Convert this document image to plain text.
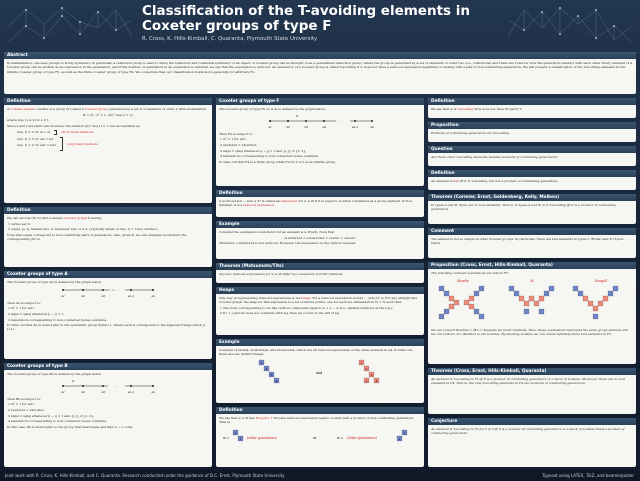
Classification of the T-avoiding elements in Coxeter groups of type F
R. Cross, K. Hills-Kimball, C. Quaranta, Plymouth State University
Abstract

In mathematics, one uses groups to study symmetry. In particular, a reflection group is used to study the reflection and rotational symmetry of an object. A Coxeter group can be thought of as a generalized reflection group, where the group is generated by a set of elements of order two (i.e., reflections) and there are rules for how the generators interact with each other. Every element of a Coxeter group can be written as an expression in the generators, and if the number of generators in an expression is minimal, we say that the expression is reduced. An element w of a Coxeter group is called T-avoiding if w does not have a reduced expression beginning or ending with a pair of non-commuting generators. We will present a classification of the T-avoiding elements in the infinite Coxeter group of type F5, as well as the finite Coxeter group of type F4. We conjecture that our classification holds more generally for arbitrary Fn.

Definition

A Coxeter system consists of a group W (called a Coxeter group) generated by a set S of elements of order 2 with presentation

W = ⟨S : s² = 1, (st)^m(s,t) = 1⟩,

where m(s, t) ≥ 2 for s ≠ t.

Since s and t are their own inverses, the relation (st)^m(s,t) = 1 can be rewritten as

m(s, t) = 2 ⟹ st = ts	short braid relations
m(s, t) = 3 ⟹ sts = tst
m(s, t) = 4 ⟹ stst = tsts
⋮
long braid relations
Definition

We can encode (W, S) with a unique Coxeter graph X having:

1 vertex set S;

2 edges {s, t} labeled m(s, t) whenever m(s, t) ≥ 3. (Typically labels of m(s, t) = 3 are omitted.)

Note that edges correspond to non-commuting pairs of generators. Also, given X, we can uniquely reconstruct the corresponding (W, S).

Coxeter groups of type A

The Coxeter group of type An is defined by the graph below.

···
s1	s2	s3	sn-1	sn

Then An is subject to:

1 si² = 1 for all i,

2 sisjsi = sjsisj whenever |i − j| = 1,

3 Generators corresponding to non-connected nodes commute.

It turns out that An is isomorphic to the symmetric group Symn+1, where each si corresponds to the adjacent transposition (i i+1).

Coxeter groups of type B

The Coxeter group of type Bn is defined by the graph below.

4
···
s1	s2	s3	sn-1	sn

Then Bn is subject to:

1 si² = 1 for all i,

2 s1s2s1s2 = s2s1s2s1,

3 sisjsi = sjsisj whenever |i − j| = 1 and {i, j} ≠ {1, 2},

4 Generators corresponding to non-connected nodes commute.

In this case, Bn is isomorphic to the group that rearranges and flips n − 1 coins.

Coxeter groups of type F

The Coxeter group of type Fn (n ≥ 4) is defined by the graph below.

4
···
s1	s2	s3	s4	sn-1	sn

Then Fn is subject to:

1 si² = 1 for all i,

2 s2s3s2s3 = s3s2s3s2,

3 sisjsi = sjsisj whenever |i − j| = 1 and {i, j} ≠ {2, 3},

4 Generators corresponding to non-connected nodes commute.

It turns out that F4 is a finite group while Fn for n ≥ 5 is an infinite group.

Definition

A word sx1sx2 ··· sxm ∈ S* is called an expression for w ∈ W if it is equal to w when considered as a group element. If m is minimal, it is a reduced expression.

Example

Consider the expression s1s2s3s1s3 for an element w ∈ W(A3). Note that

s1s2s3s1s3 = s1s2s1s3s3 = s1s2s1 = s2s1s2.

Therefore, s1s2s3s1s3 is not reduced. However, the expression on the right is reduced.

Theorem (Matsumoto/Tits)

Any two reduced expressions for w ∈ W differ by a sequence of braid relations.

Heaps

One way of representing reduced expressions is via heaps. Fix a reduced expression sx1sx2 ··· sxm for w. For any straight line Coxeter graph, the heap for this expression is a set of lattice points, one for each sxi, embedded in ℕ × ℕ such that:

1 The node corresponding to sxi has vertical component equal to n + 1 − xi (i.e., smaller numbers at the top);

2 If i < j and sxi does not commute with sxj, then sxi occurs to the left of sxj.

Example

Consider s1s2s3s4, s1s2s3s2s4, and s3s2s1s2s4, which are all reduced expressions of the same element in A4. It turns out, there are two distinct heaps:

1
2
3
4
and
1
2
3
2	4
Definition

We say that w ∈ W has Property T iff some reduced expression begins or ends with a product of non-commuting generators. That is,

w =
s
t (other generators)	or	w = (other generators)	s
t
Definition

We say that w is T-avoiding iff w does not have Property T.

Proposition

Products of commuting generators are T-avoiding.

Question

Are there other T-avoiding elements besides products of commuting generators?

Definition

An element is bad iff it is T-avoiding, but not a product of commuting generators.

Theorem (Cormier, Ernst, Goldenberg, Kelly, Malbon)

In types A and B, there are no bad elements. That is, in types A and B, w is T-avoiding iff w is a product of commuting generators.

Comment

The answer is not so simple in other Coxeter groups. In particular, there are bad elements in types C (Ernst) and D (Tyson Gern).

Proposition (Cross, Ernst, Hills-Kimball, Quaranta)

The following reduced expressions are bad in F5:

Bowtie	M	Seagull

We can convert Bowties ↦ M's ↦ Seagulls via braid relations. Thus, these expressions represent the same group element and we can restrict our attention to the bowties. By stacking bowties we can create infinitely many bad elements in F5.

Theorem (Cross, Ernst, Hills-Kimball, Quaranta)

An element is T-avoiding in F5 iff it is a product of commuting generators or a stack of bowties. Moreover, there are no bad elements in F4. That is, the only T-avoiding elements in F4 are products of commuting generators.

Conjecture

An element is T-avoiding in Fn for n ≥ 5 iff it is a product of commuting generators or a stack of bowties times a product of commuting generators.

Joint work with R. Cross, K. Hills-Kimball, and C. Quaranta. Research conducted under the guidance of D.C. Ernst, Plymouth State University	Typeset using LATEX, TikZ, and beamerposter
